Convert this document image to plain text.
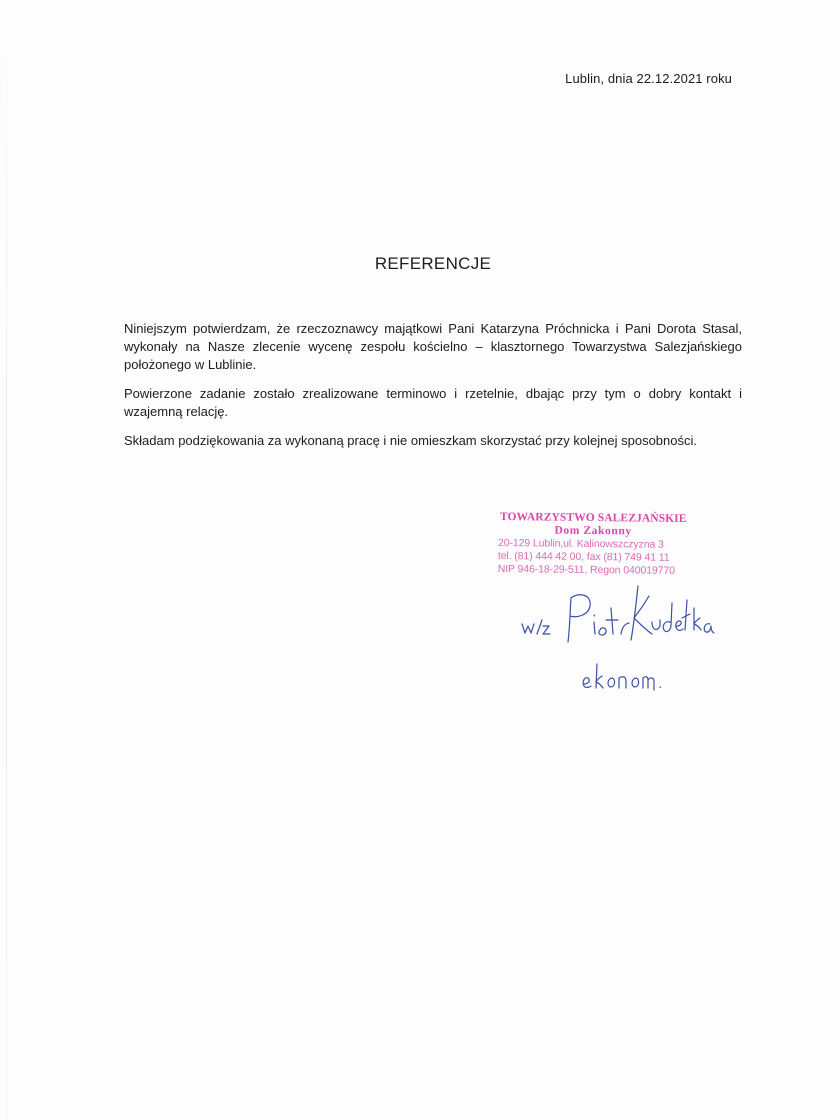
Lublin, dnia 22.12.2021 roku
REFERENCJE

Niniejszym potwierdzam, że rzeczoznawcy majątkowi Pani Katarzyna Próchnicka i Pani Dorota Stasal, wykonały na Nasze zlecenie wycenę zespołu kościelno – klasztornego Towarzystwa Salezjańskiego położonego w Lublinie.

Powierzone zadanie zostało zrealizowane terminowo i rzetelnie, dbając przy tym o dobry kontakt i wzajemną relację.

Składam podziękowania za wykonaną pracę i nie omieszkam skorzystać przy kolejnej sposobności.

TOWARZYSTWO SALEZJAŃSKIE
Dom Zakonny
20-129 Lublin,ul. Kalinowszczyzna 3
tel. (81) 444 42 00, fax (81) 749 41 11
NIP 946-18-29-511, Regon 040019770
